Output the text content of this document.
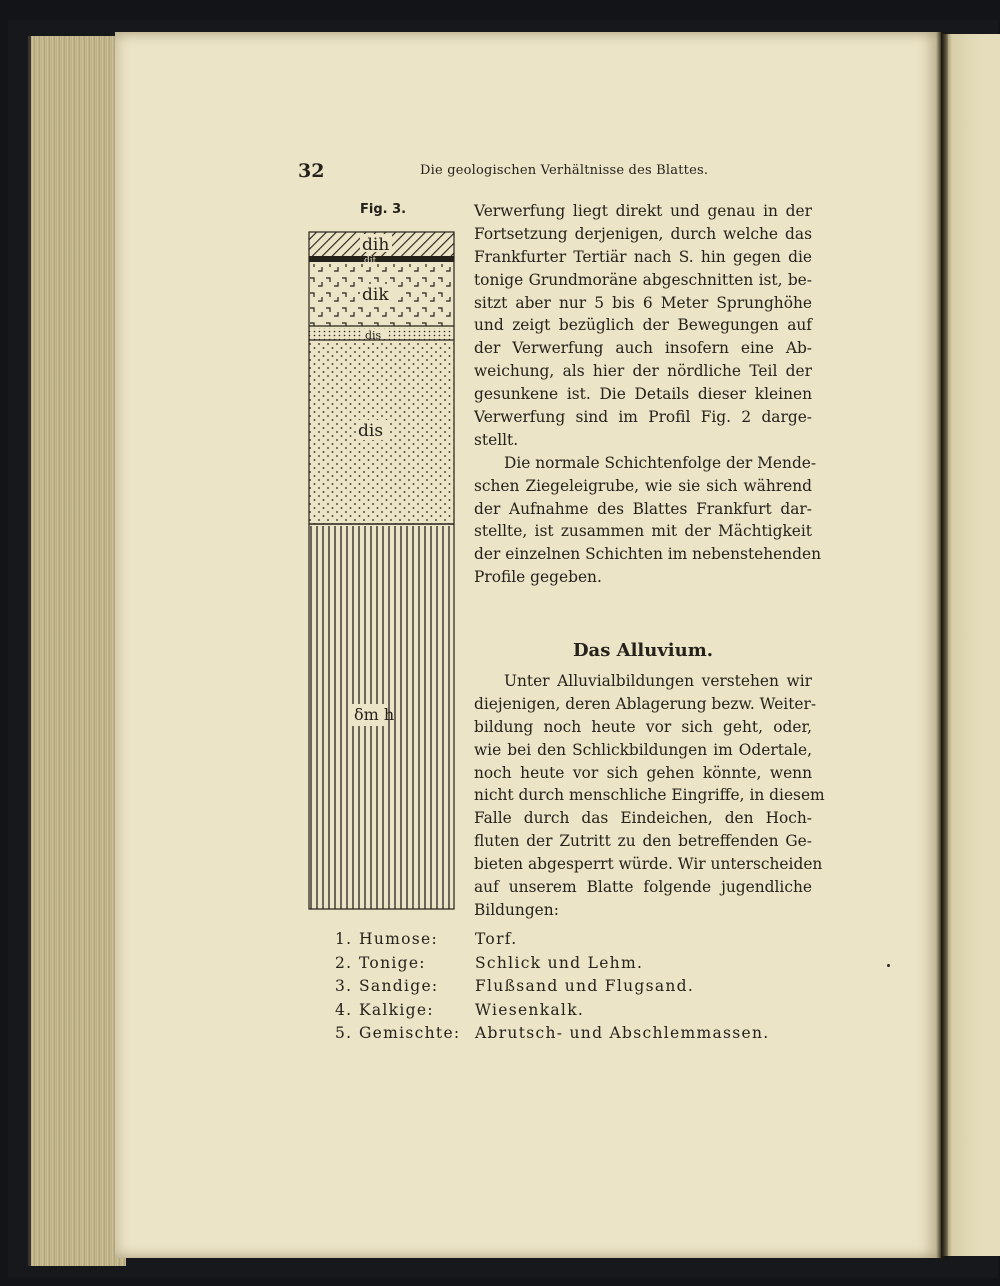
32	Die geologischen Verhältnisse des Blattes.
Fig. 3.
dih
dit
dik
dis
dis
δm h
Verwerfung liegt direkt und genau in der
Fortsetzung derjenigen, durch welche das
Frankfurter Tertiär nach S. hin gegen die
tonige Grundmoräne abgeschnitten ist, be-
sitzt aber nur 5 bis 6 Meter Sprunghöhe
und zeigt bezüglich der Bewegungen auf
der Verwerfung auch insofern eine Ab-
weichung, als hier der nördliche Teil der
gesunkene ist. Die Details dieser kleinen
Verwerfung sind im Profil Fig. 2 darge-
stellt.
Die normale Schichtenfolge der Mende-
schen Ziegeleigrube, wie sie sich während
der Aufnahme des Blattes Frankfurt dar-
stellte, ist zusammen mit der Mächtigkeit
der einzelnen Schichten im nebenstehenden
Profile gegeben.
Das Alluvium.
Unter Alluvialbildungen verstehen wir
diejenigen, deren Ablagerung bezw. Weiter-
bildung noch heute vor sich geht, oder,
wie bei den Schlickbildungen im Odertale,
noch heute vor sich gehen könnte, wenn
nicht durch menschliche Eingriffe, in diesem
Falle durch das Eindeichen, den Hoch-
fluten der Zutritt zu den betreffenden Ge-
bieten abgesperrt würde. Wir unterscheiden
auf unserem Blatte folgende jugendliche
Bildungen:
1. Humose: Torf.
2. Tonige:	Schlick und Lehm.
3. Sandige: Flußsand und Flugsand.
4. Kalkige:	Wiesenkalk.
5. Gemischte: Abrutsch- und Abschlemmassen.
